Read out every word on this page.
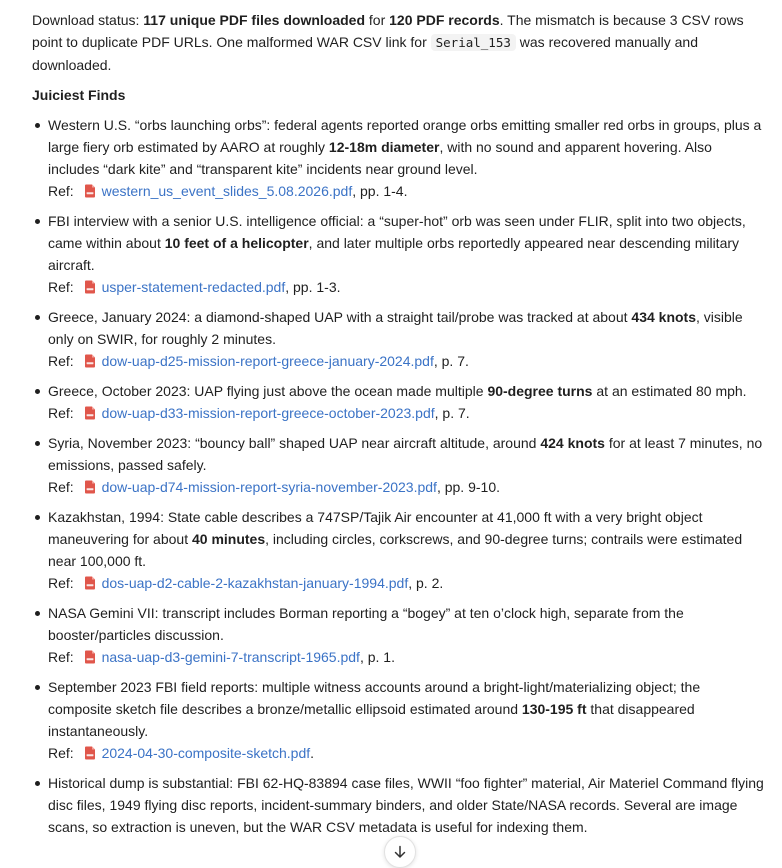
Download status: 117 unique PDF files downloaded for 120 PDF records. The mismatch is because 3 CSV rows point to duplicate PDF URLs. One malformed WAR CSV link for Serial_153 was recovered manually and downloaded.

Juiciest Finds

Western U.S. “orbs launching orbs”: federal agents reported orange orbs emitting smaller red orbs in groups, plus a large fiery orb estimated by AARO at roughly 12-18m diameter, with no sound and apparent hovering. Also includes “dark kite” and “transparent kite” incidents near ground level.
Ref: western_us_event_slides_5.08.2026.pdf, pp. 1-4.
FBI interview with a senior U.S. intelligence official: a “super-hot” orb was seen under FLIR, split into two objects, came within about 10 feet of a helicopter, and later multiple orbs reportedly appeared near descending military aircraft.
Ref: usper-statement-redacted.pdf, pp. 1-3.
Greece, January 2024: a diamond-shaped UAP with a straight tail/probe was tracked at about 434 knots, visible only on SWIR, for roughly 2 minutes.
Ref: dow-uap-d25-mission-report-greece-january-2024.pdf, p. 7.
Greece, October 2023: UAP flying just above the ocean made multiple 90-degree turns at an estimated 80 mph.
Ref: dow-uap-d33-mission-report-greece-october-2023.pdf, p. 7.
Syria, November 2023: “bouncy ball” shaped UAP near aircraft altitude, around 424 knots for at least 7 minutes, no emissions, passed safely.
Ref: dow-uap-d74-mission-report-syria-november-2023.pdf, pp. 9-10.
Kazakhstan, 1994: State cable describes a 747SP/Tajik Air encounter at 41,000 ft with a very bright object maneuvering for about 40 minutes, including circles, corkscrews, and 90-degree turns; contrails were estimated near 100,000 ft.
Ref: dos-uap-d2-cable-2-kazakhstan-january-1994.pdf, p. 2.
NASA Gemini VII: transcript includes Borman reporting a “bogey” at ten o’clock high, separate from the booster/particles discussion.
Ref: nasa-uap-d3-gemini-7-transcript-1965.pdf, p. 1.
September 2023 FBI field reports: multiple witness accounts around a bright-light/materializing object; the composite sketch file describes a bronze/metallic ellipsoid estimated around 130-195 ft that disappeared instantaneously.
Ref: 2024-04-30-composite-sketch.pdf.
Historical dump is substantial: FBI 62-HQ-83894 case files, WWII “foo fighter” material, Air Materiel Command flying disc files, 1949 flying disc reports, incident-summary binders, and older State/NASA records. Several are image scans, so extraction is uneven, but the WAR CSV metadata is useful for indexing them.
